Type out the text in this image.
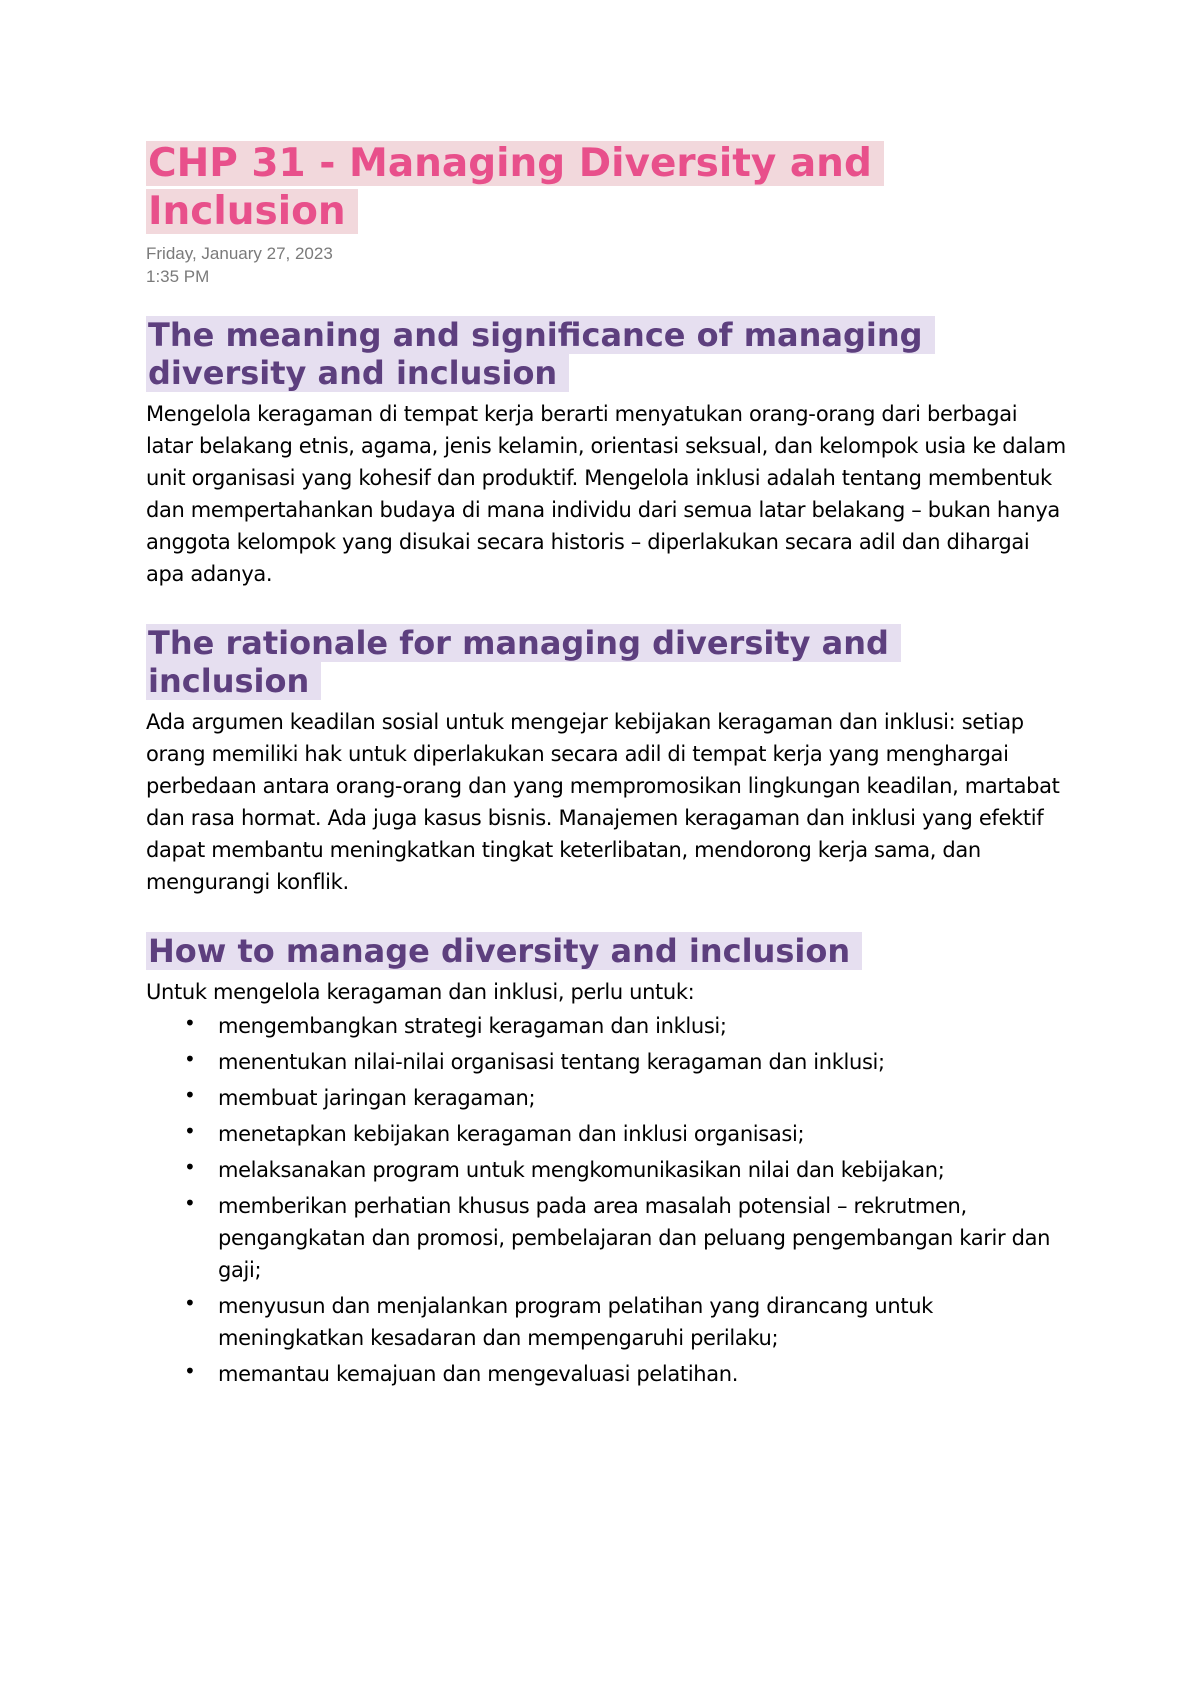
CHP 31 - Managing Diversity and Inclusion
Friday, January 27, 2023
1:35 PM
The meaning and significance of managing diversity and inclusion

Mengelola keragaman di tempat kerja berarti menyatukan orang-orang dari berbagai latar belakang etnis, agama, jenis kelamin, orientasi seksual, dan kelompok usia ke dalam unit organisasi yang kohesif dan produktif. Mengelola inklusi adalah tentang membentuk dan mempertahankan budaya di mana individu dari semua latar belakang – bukan hanya anggota kelompok yang disukai secara historis – diperlakukan secara adil dan dihargai apa adanya.

The rationale for managing diversity and inclusion

Ada argumen keadilan sosial untuk mengejar kebijakan keragaman dan inklusi: setiap orang memiliki hak untuk diperlakukan secara adil di tempat kerja yang menghargai perbedaan antara orang-orang dan yang mempromosikan lingkungan keadilan, martabat dan rasa hormat. Ada juga kasus bisnis. Manajemen keragaman dan inklusi yang efektif dapat membantu meningkatkan tingkat keterlibatan, mendorong kerja sama, dan mengurangi konflik.

How to manage diversity and inclusion

Untuk mengelola keragaman dan inklusi, perlu untuk:

• mengembangkan strategi keragaman dan inklusi;
• menentukan nilai-nilai organisasi tentang keragaman dan inklusi;
• membuat jaringan keragaman;
• menetapkan kebijakan keragaman dan inklusi organisasi;
• melaksanakan program untuk mengkomunikasikan nilai dan kebijakan;
• memberikan perhatian khusus pada area masalah potensial – rekrutmen, pengangkatan dan promosi, pembelajaran dan peluang pengembangan karir dan gaji;
• menyusun dan menjalankan program pelatihan yang dirancang untuk meningkatkan kesadaran dan mempengaruhi perilaku;
• memantau kemajuan dan mengevaluasi pelatihan.
